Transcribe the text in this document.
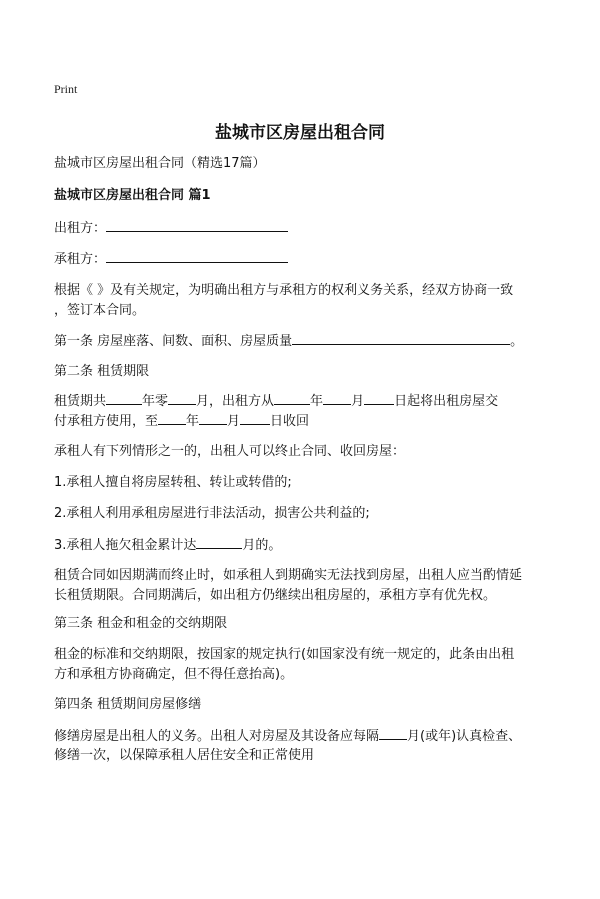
Print
盐城市区房屋出租合同
盐城市区房屋出租合同（精选17篇）
盐城市区房屋出租合同 篇1
出租方：
承租方：
根据《 》及有关规定，为明确出租方与承租方的权利义务关系，经双方协商一致
，签订本合同。
第一条 房屋座落、间数、面积、房屋质量	。
第二条 租赁期限
租赁期共	年零 月，出租方从	年 月 日起将出租房屋交
付承租方使用，至 年 月 日收回
承租人有下列情形之一的，出租人可以终止合同、收回房屋：
1.承租人擅自将房屋转租、转让或转借的;
2.承租人利用承租房屋进行非法活动，损害公共利益的;
3.承租人拖欠租金累计达	月的。
租赁合同如因期满而终止时，如承租人到期确实无法找到房屋，出租人应当酌情延
长租赁期限。合同期满后，如出租方仍继续出租房屋的，承租方享有优先权。
第三条 租金和租金的交纳期限
租金的标准和交纳期限，按国家的规定执行(如国家没有统一规定的，此条由出租
方和承租方协商确定，但不得任意抬高)。
第四条 租赁期间房屋修缮
修缮房屋是出租人的义务。出租人对房屋及其设备应每隔 月(或年)认真检查、
修缮一次，以保障承租人居住安全和正常使用
